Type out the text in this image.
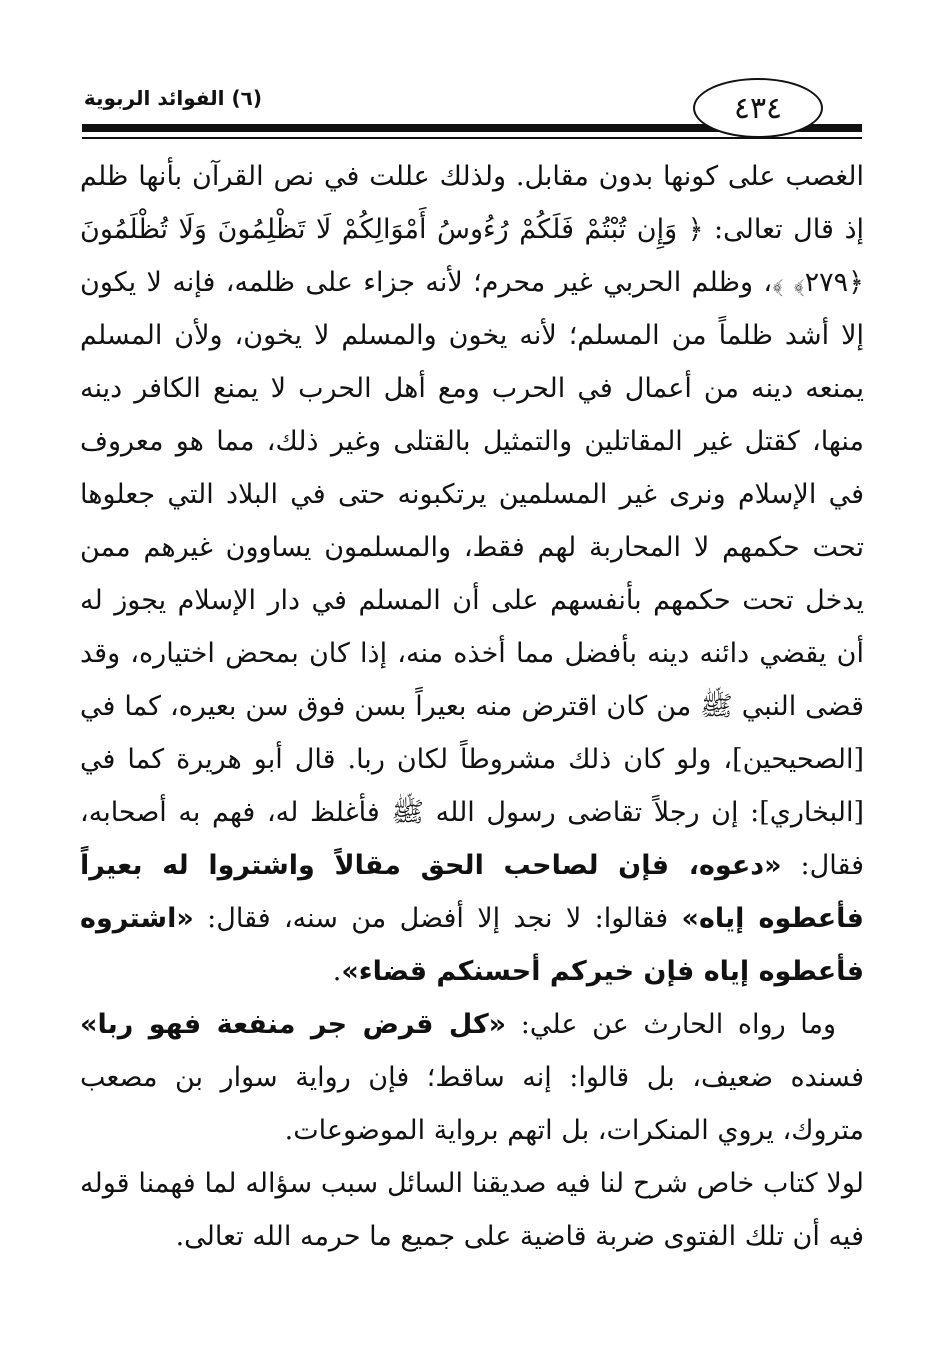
٤٣٤
(٦) الفوائد الربوية

الغصب على كونها بدون مقابل. ولذلك عللت في نص القرآن بأنها ظلم إذ قال تعالى: ﴿ وَإِن تُبْتُمْ فَلَكُمْ رُءُوسُ أَمْوَالِكُمْ لَا تَظْلِمُونَ وَلَا تُظْلَمُونَ ﴿٢٧٩﴾ ﴾، وظلم الحربي غير محرم؛ لأنه جزاء على ظلمه، فإنه لا يكون إلا أشد ظلماً من المسلم؛ لأنه يخون والمسلم لا يخون، ولأن المسلم يمنعه دينه من أعمال في الحرب ومع أهل الحرب لا يمنع الكافر دينه منها، كقتل غير المقاتلين والتمثيل بالقتلى وغير ذلك، مما هو معروف في الإسلام ونرى غير المسلمين يرتكبونه حتى في البلاد التي جعلوها تحت حكمهم لا المحاربة لهم فقط، والمسلمون يساوون غيرهم ممن يدخل تحت حكمهم بأنفسهم على أن المسلم في دار الإسلام يجوز له أن يقضي دائنه دينه بأفضل مما أخذه منه، إذا كان بمحض اختياره، وقد قضى النبي ﷺ من كان اقترض منه بعيراً بسن فوق سن بعيره، كما في [الصحيحين]، ولو كان ذلك مشروطاً لكان ربا. قال أبو هريرة كما في [البخاري]: إن رجلاً تقاضى رسول الله ﷺ فأغلظ له، فهم به أصحابه، فقال: «دعوه، فإن لصاحب الحق مقالاً واشتروا له بعيراً فأعطوه إياه» فقالوا: لا نجد إلا أفضل من سنه، فقال: «اشتروه فأعطوه إياه فإن خيركم أحسنكم قضاء».

وما رواه الحارث عن علي: «كل قرض جر منفعة فهو ربا» فسنده ضعيف، بل قالوا: إنه ساقط؛ فإن رواية سوار بن مصعب متروك، يروي المنكرات، بل اتهم برواية الموضوعات.

لولا كتاب خاص شرح لنا فيه صديقنا السائل سبب سؤاله لما فهمنا قوله فيه أن تلك الفتوى ضربة قاضية على جميع ما حرمه الله تعالى.
